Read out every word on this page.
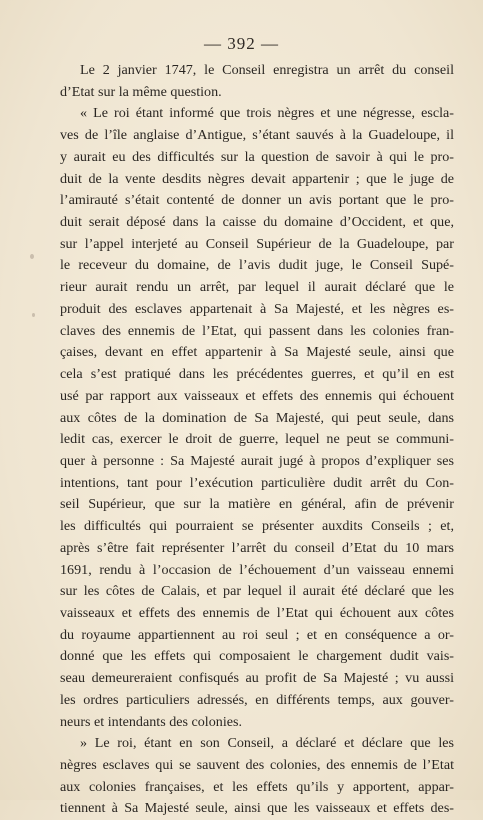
— 392 —
Le 2 janvier 1747, le Conseil enregistra un arrêt du conseil
d’Etat sur la même question.
« Le roi étant informé que trois nègres et une négresse, escla-
ves de l’île anglaise d’Antigue, s’étant sauvés à la Guadeloupe, il
y aurait eu des difficultés sur la question de savoir à qui le pro-
duit de la vente desdits nègres devait appartenir ; que le juge de
l’amirauté s’était contenté de donner un avis portant que le pro-
duit serait déposé dans la caisse du domaine d’Occident, et que,
sur l’appel interjeté au Conseil Supérieur de la Guadeloupe, par
le receveur du domaine, de l’avis dudit juge, le Conseil Supé-
rieur aurait rendu un arrêt, par lequel il aurait déclaré que le
produit des esclaves appartenait à Sa Majesté, et les nègres es-
claves des ennemis de l’Etat, qui passent dans les colonies fran-
çaises, devant en effet appartenir à Sa Majesté seule, ainsi que
cela s’est pratiqué dans les précédentes guerres, et qu’il en est
usé par rapport aux vaisseaux et effets des ennemis qui échouent
aux côtes de la domination de Sa Majesté, qui peut seule, dans
ledit cas, exercer le droit de guerre, lequel ne peut se communi-
quer à personne : Sa Majesté aurait jugé à propos d’expliquer ses
intentions, tant pour l’exécution particulière dudit arrêt du Con-
seil Supérieur, que sur la matière en général, afin de prévenir
les difficultés qui pourraient se présenter auxdits Conseils ; et,
après s’être fait représenter l’arrêt du conseil d’Etat du 10 mars
1691, rendu à l’occasion de l’échouement d’un vaisseau ennemi
sur les côtes de Calais, et par lequel il aurait été déclaré que les
vaisseaux et effets des ennemis de l’Etat qui échouent aux côtes
du royaume appartiennent au roi seul ; et en conséquence a or-
donné que les effets qui composaient le chargement dudit vais-
seau demeureraient confisqués au profit de Sa Majesté ; vu aussi
les ordres particuliers adressés, en différents temps, aux gouver-
neurs et intendants des colonies.
» Le roi, étant en son Conseil, a déclaré et déclare que les
nègres esclaves qui se sauvent des colonies, des ennemis de l’Etat
aux colonies françaises, et les effets qu’ils y apportent, appar-
tiennent à Sa Majesté seule, ainsi que les vaisseaux et effets des-
